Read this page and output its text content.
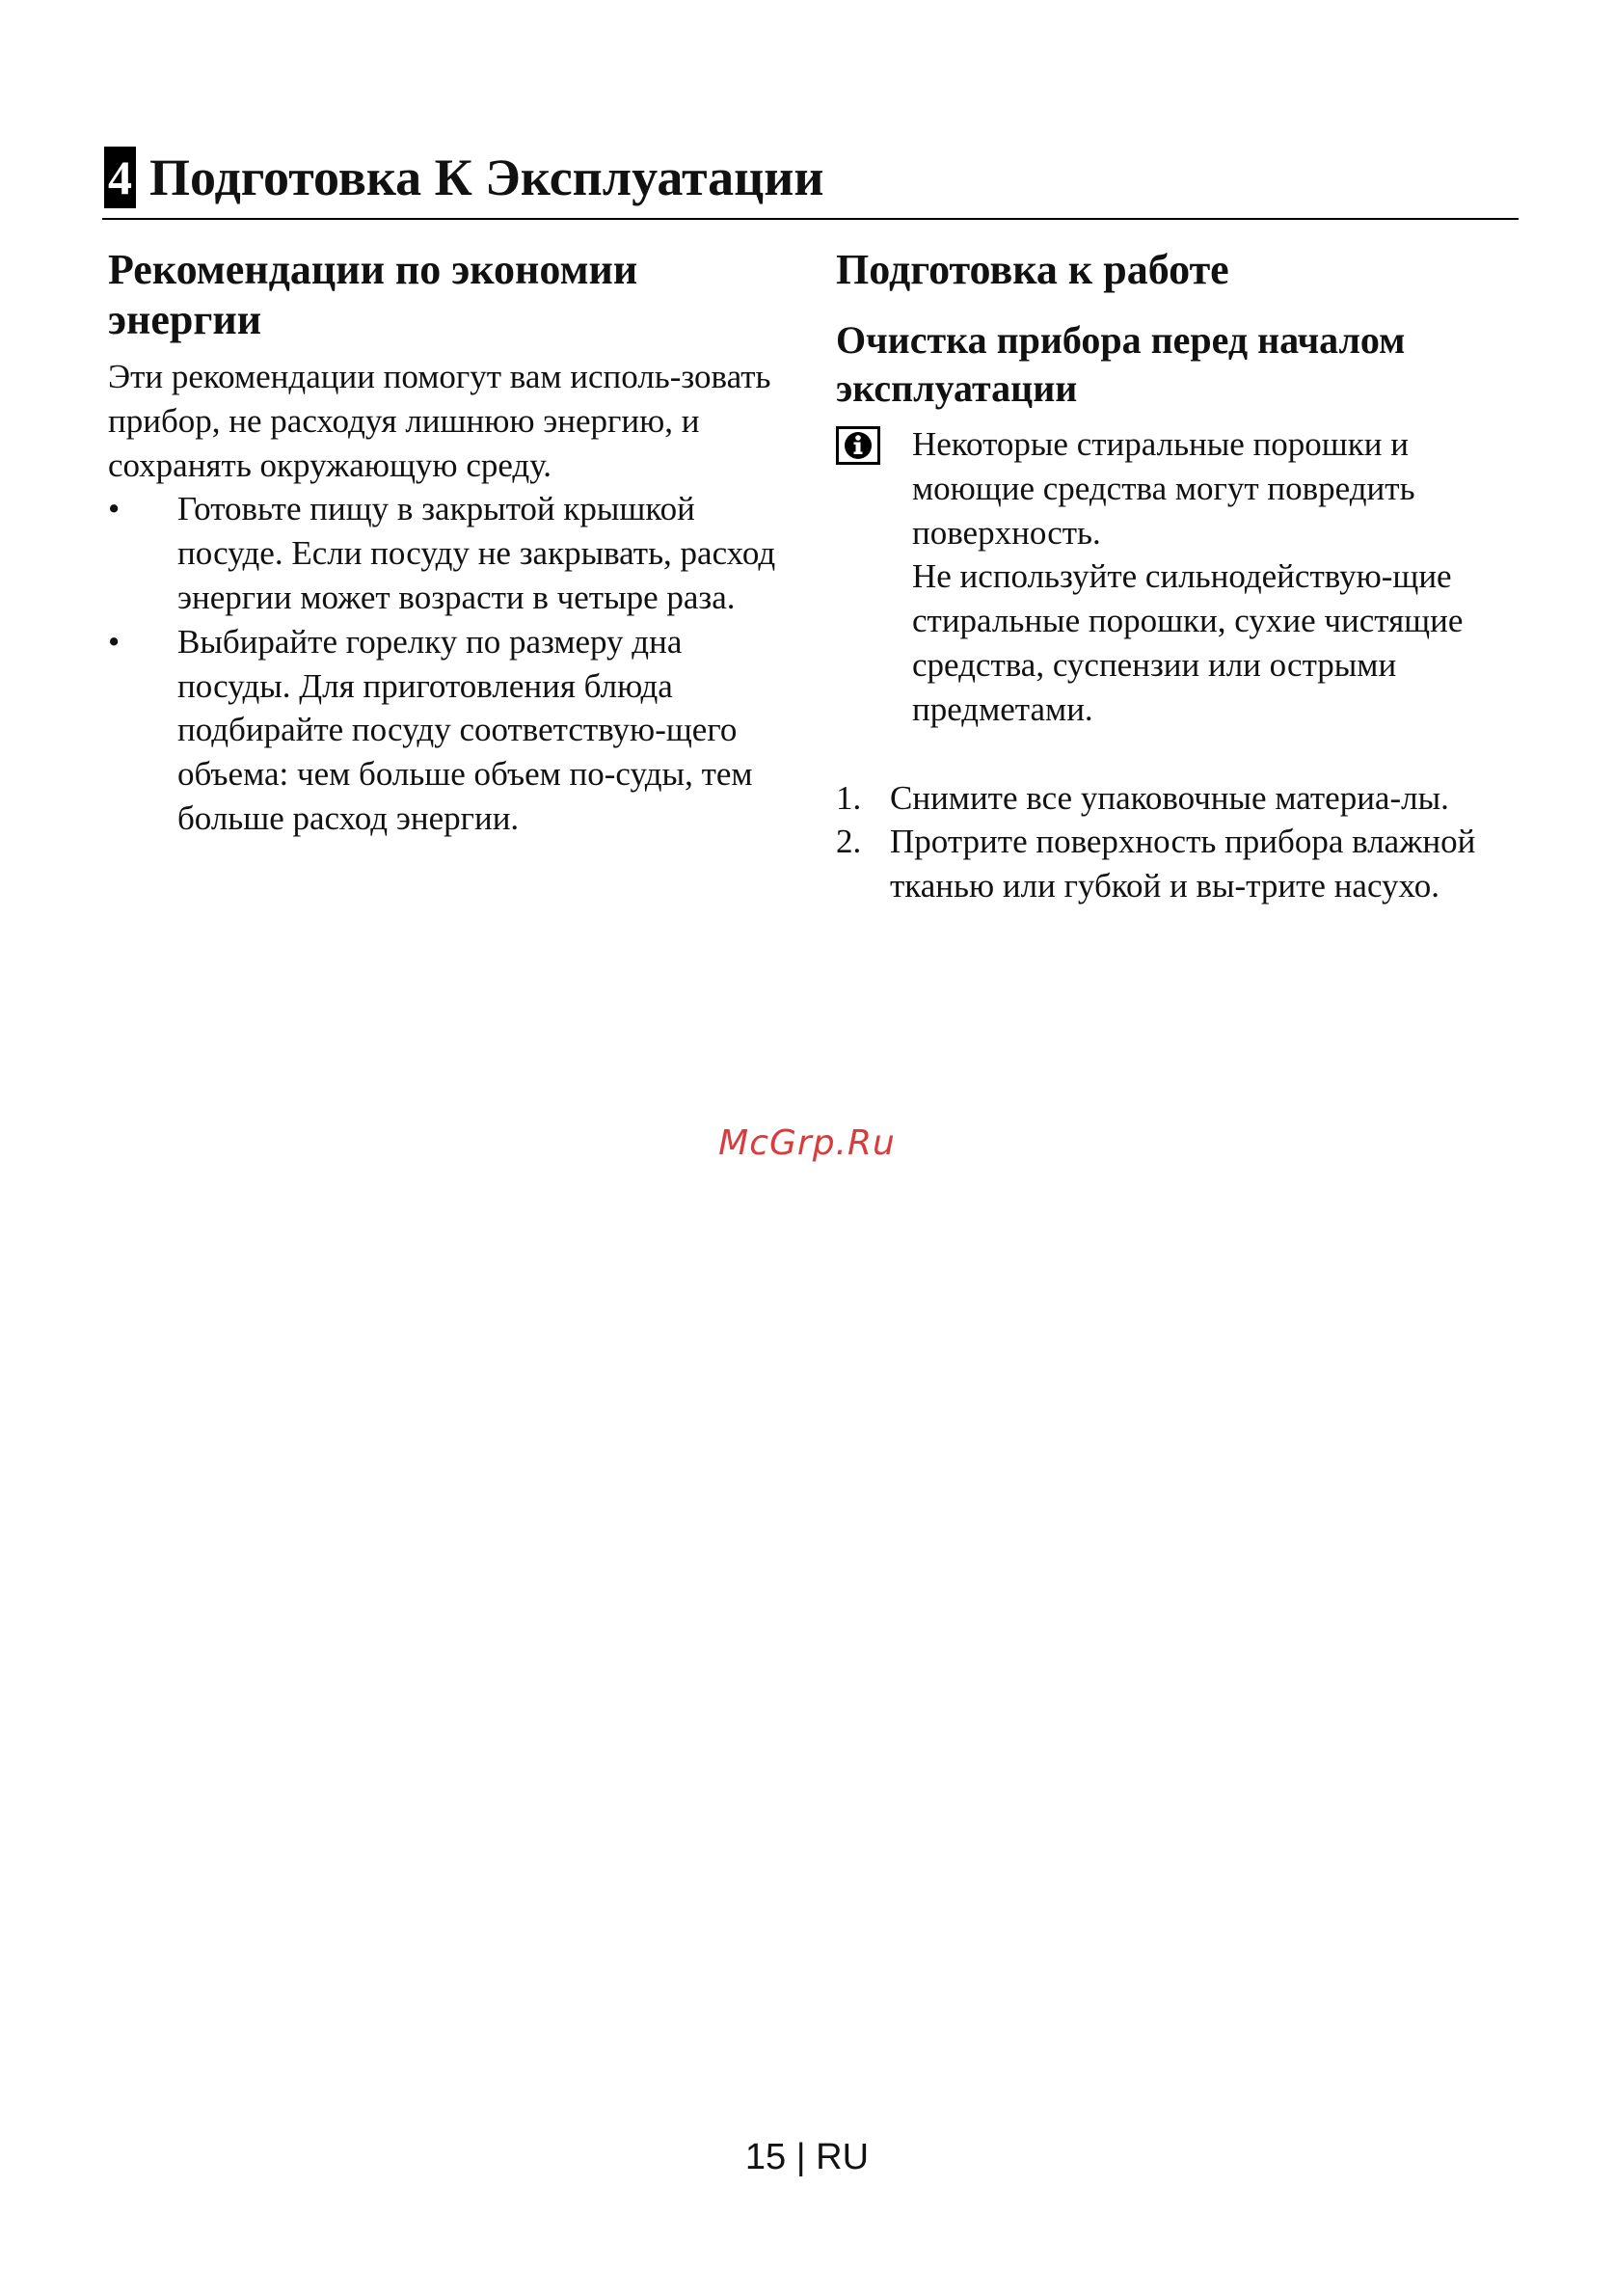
4 Подготовка К Эксплуатации
Рекомендации по экономии энергии

Эти рекомендации помогут вам исполь-зовать прибор, не расходуя лишнюю энергию, и сохранять окружающую среду.

• Готовьте пищу в закрытой крышкой посуде. Если посуду не закрывать, расход энергии может возрасти в четыре раза.
• Выбирайте горелку по размеру дна посуды. Для приготовления блюда подбирайте посуду соответствую-щего объема: чем больше объем по-суды, тем больше расход энергии.
Подготовка к работе
Очистка прибора перед началом эксплуатации

Некоторые стиральные порошки и моющие средства могут повредить поверхность.

Не используйте сильнодействую-щие стиральные порошки, сухие чистящие средства, суспензии или острыми предметами.

1. Снимите все упаковочные материа-лы.
2. Протрите поверхность прибора влажной тканью или губкой и вы-трите насухо.
McGrp.Ru
15 | RU
